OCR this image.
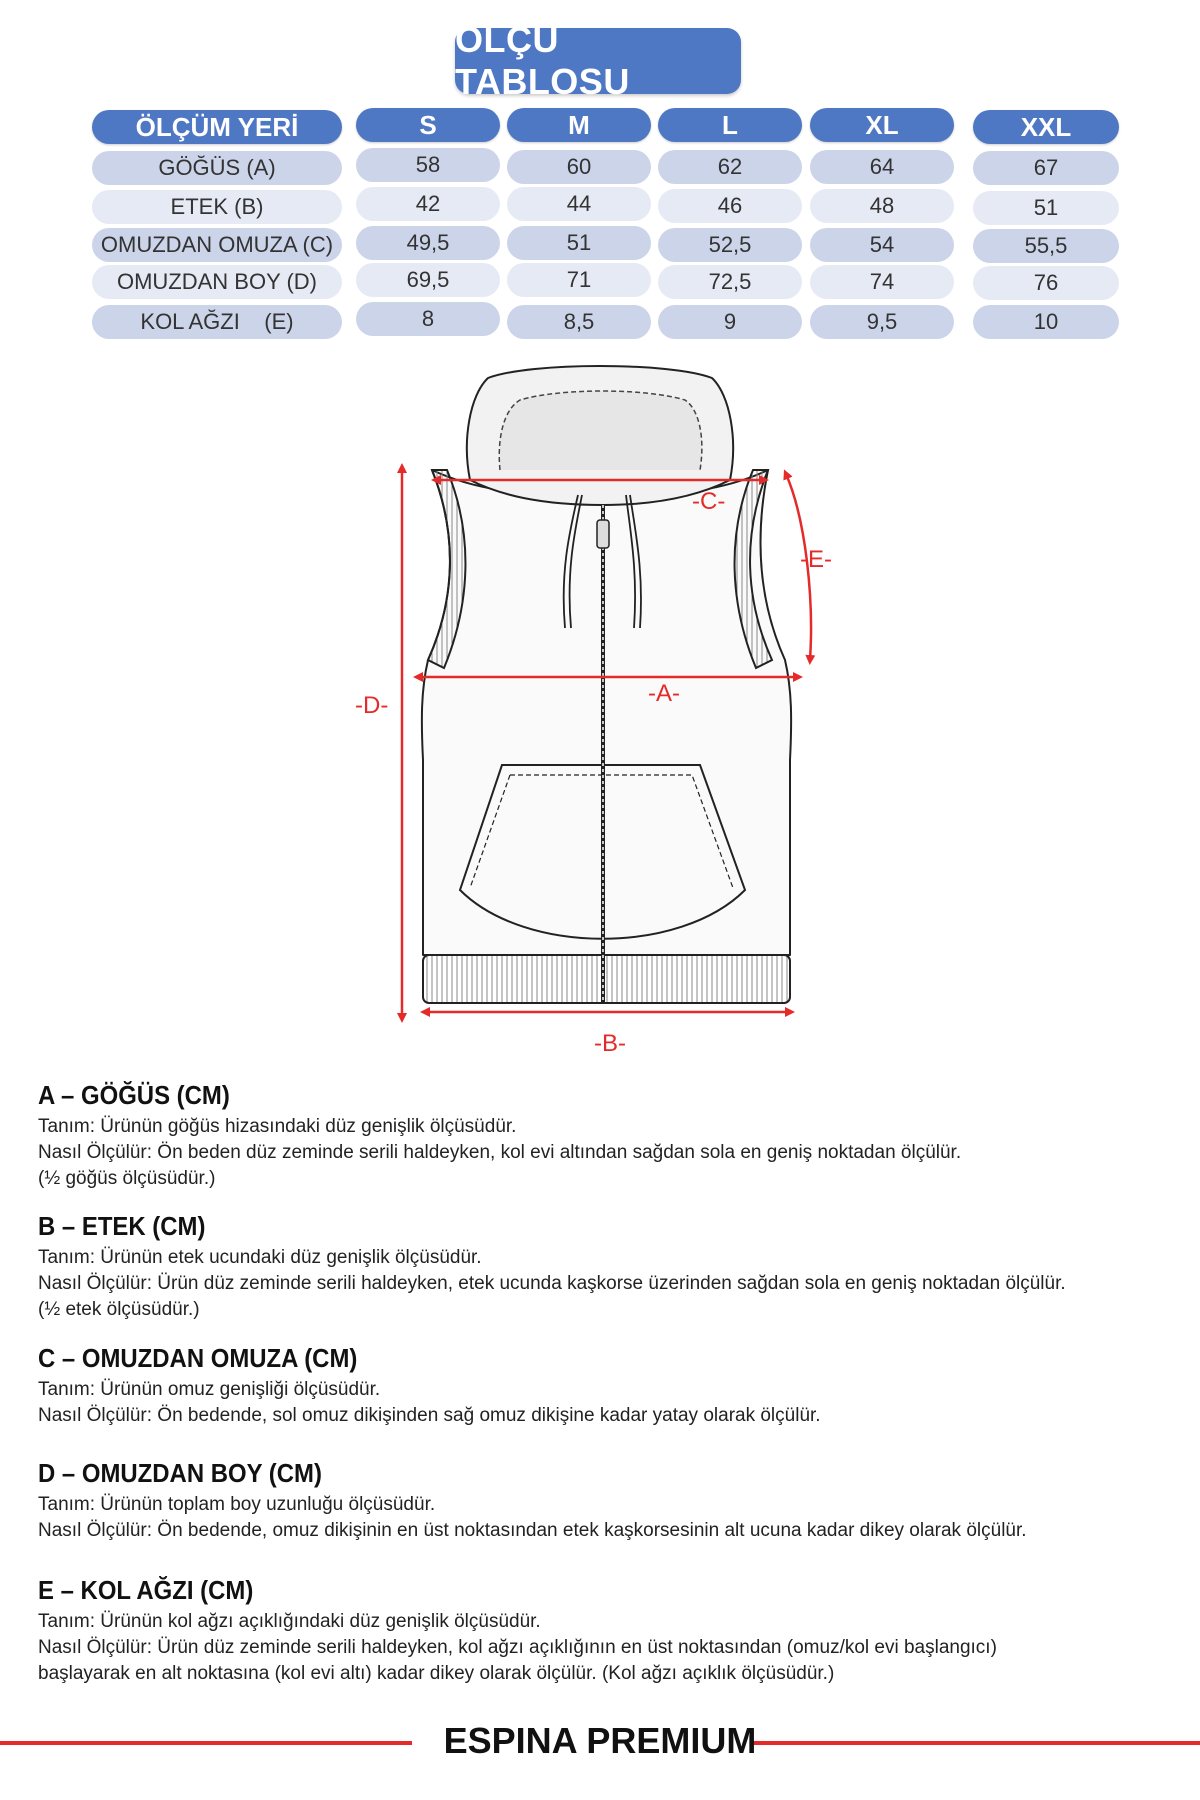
ÖLÇÜ TABLOSU
ÖLÇÜM YERİ	S	M	L	XL	XXL
GÖĞÜS (A)	58	60	62	64	67
ETEK (B)	42	44	46	48	51
OMUZDAN OMUZA (C)	49,5	51	52,5	54	55,5
OMUZDAN BOY (D)	69,5	71	72,5	74	76
KOL AĞZI    (E)	8	8,5	9	9,5	10
-A-
-B-
-C-
-D-
-E-
A – GÖĞÜS (CM)

Tanım: Ürünün göğüs hizasındaki düz genişlik ölçüsüdür.

Nasıl Ölçülür: Ön beden düz zeminde serili haldeyken, kol evi altından sağdan sola en geniş noktadan ölçülür.

(½ göğüs ölçüsüdür.)

B – ETEK (CM)

Tanım: Ürünün etek ucundaki düz genişlik ölçüsüdür.

Nasıl Ölçülür: Ürün düz zeminde serili haldeyken, etek ucunda kaşkorse üzerinden sağdan sola en geniş noktadan ölçülür.

(½ etek ölçüsüdür.)

C – OMUZDAN OMUZA (CM)

Tanım: Ürünün omuz genişliği ölçüsüdür.

Nasıl Ölçülür: Ön bedende, sol omuz dikişinden sağ omuz dikişine kadar yatay olarak ölçülür.

D – OMUZDAN BOY (CM)

Tanım: Ürünün toplam boy uzunluğu ölçüsüdür.

Nasıl Ölçülür: Ön bedende, omuz dikişinin en üst noktasından etek kaşkorsesinin alt ucuna kadar dikey olarak ölçülür.

E – KOL AĞZI (CM)

Tanım: Ürünün kol ağzı açıklığındaki düz genişlik ölçüsüdür.

Nasıl Ölçülür: Ürün düz zeminde serili haldeyken, kol ağzı açıklığının en üst noktasından (omuz/kol evi başlangıcı)

başlayarak en alt noktasına (kol evi altı) kadar dikey olarak ölçülür. (Kol ağzı açıklık ölçüsüdür.)

ESPINA PREMIUM
